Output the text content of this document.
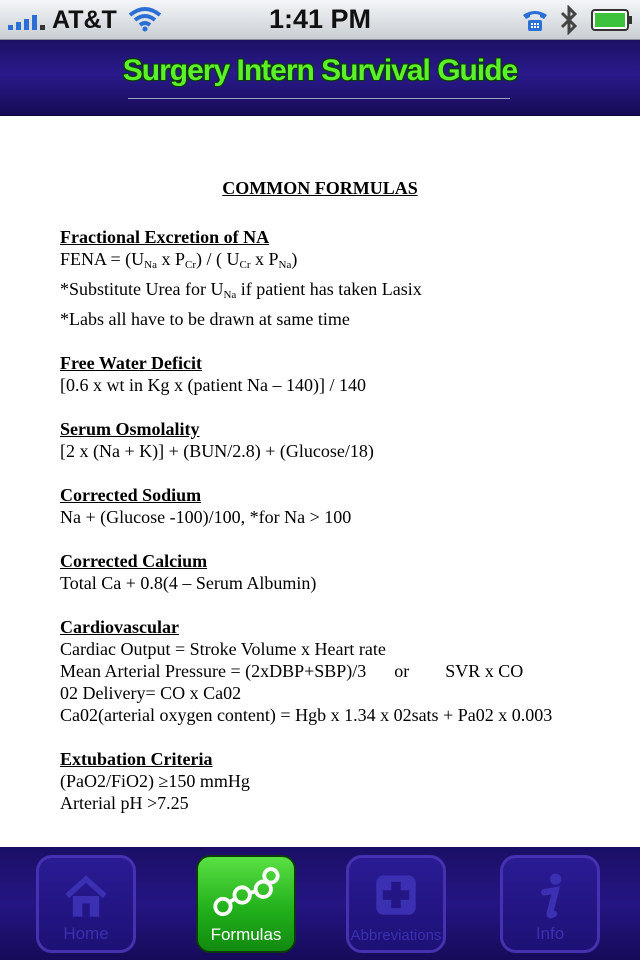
AT&T	1:41 PM
Surgery Intern Survival Guide
COMMON FORMULAS
Fractional Excretion of NA

FENA = ($U_{Na}$ x $P_{Cr}$) / ( $U_{Cr}$ x $P_{Na}$)

*Substitute Urea for $U_{Na}$ if patient has taken Lasix

*Labs all have to be drawn at same time

Free Water Deficit

[0.6 x wt in Kg x (patient Na – 140)] / 140

Serum Osmolality

[2 x (Na + K)] + (BUN/2.8) + (Glucose/18)

Corrected Sodium

Na + (Glucose -100)/100, *for Na > 100

Corrected Calcium

Total Ca + 0.8(4 – Serum Albumin)

Cardiovascular

Cardiac Output = Stroke Volume x Heart rate

Mean Arterial Pressure = (2xDBP+SBP)/3 or SVR x CO

02 Delivery= CO x Ca02

Ca02(arterial oxygen content) = Hgb x 1.34 x 02sats + Pa02 x 0.003

Extubation Criteria

(PaO2/FiO2) ≥150 mmHg

Arterial pH >7.25

Home	Formulas	Abbreviations	Info
